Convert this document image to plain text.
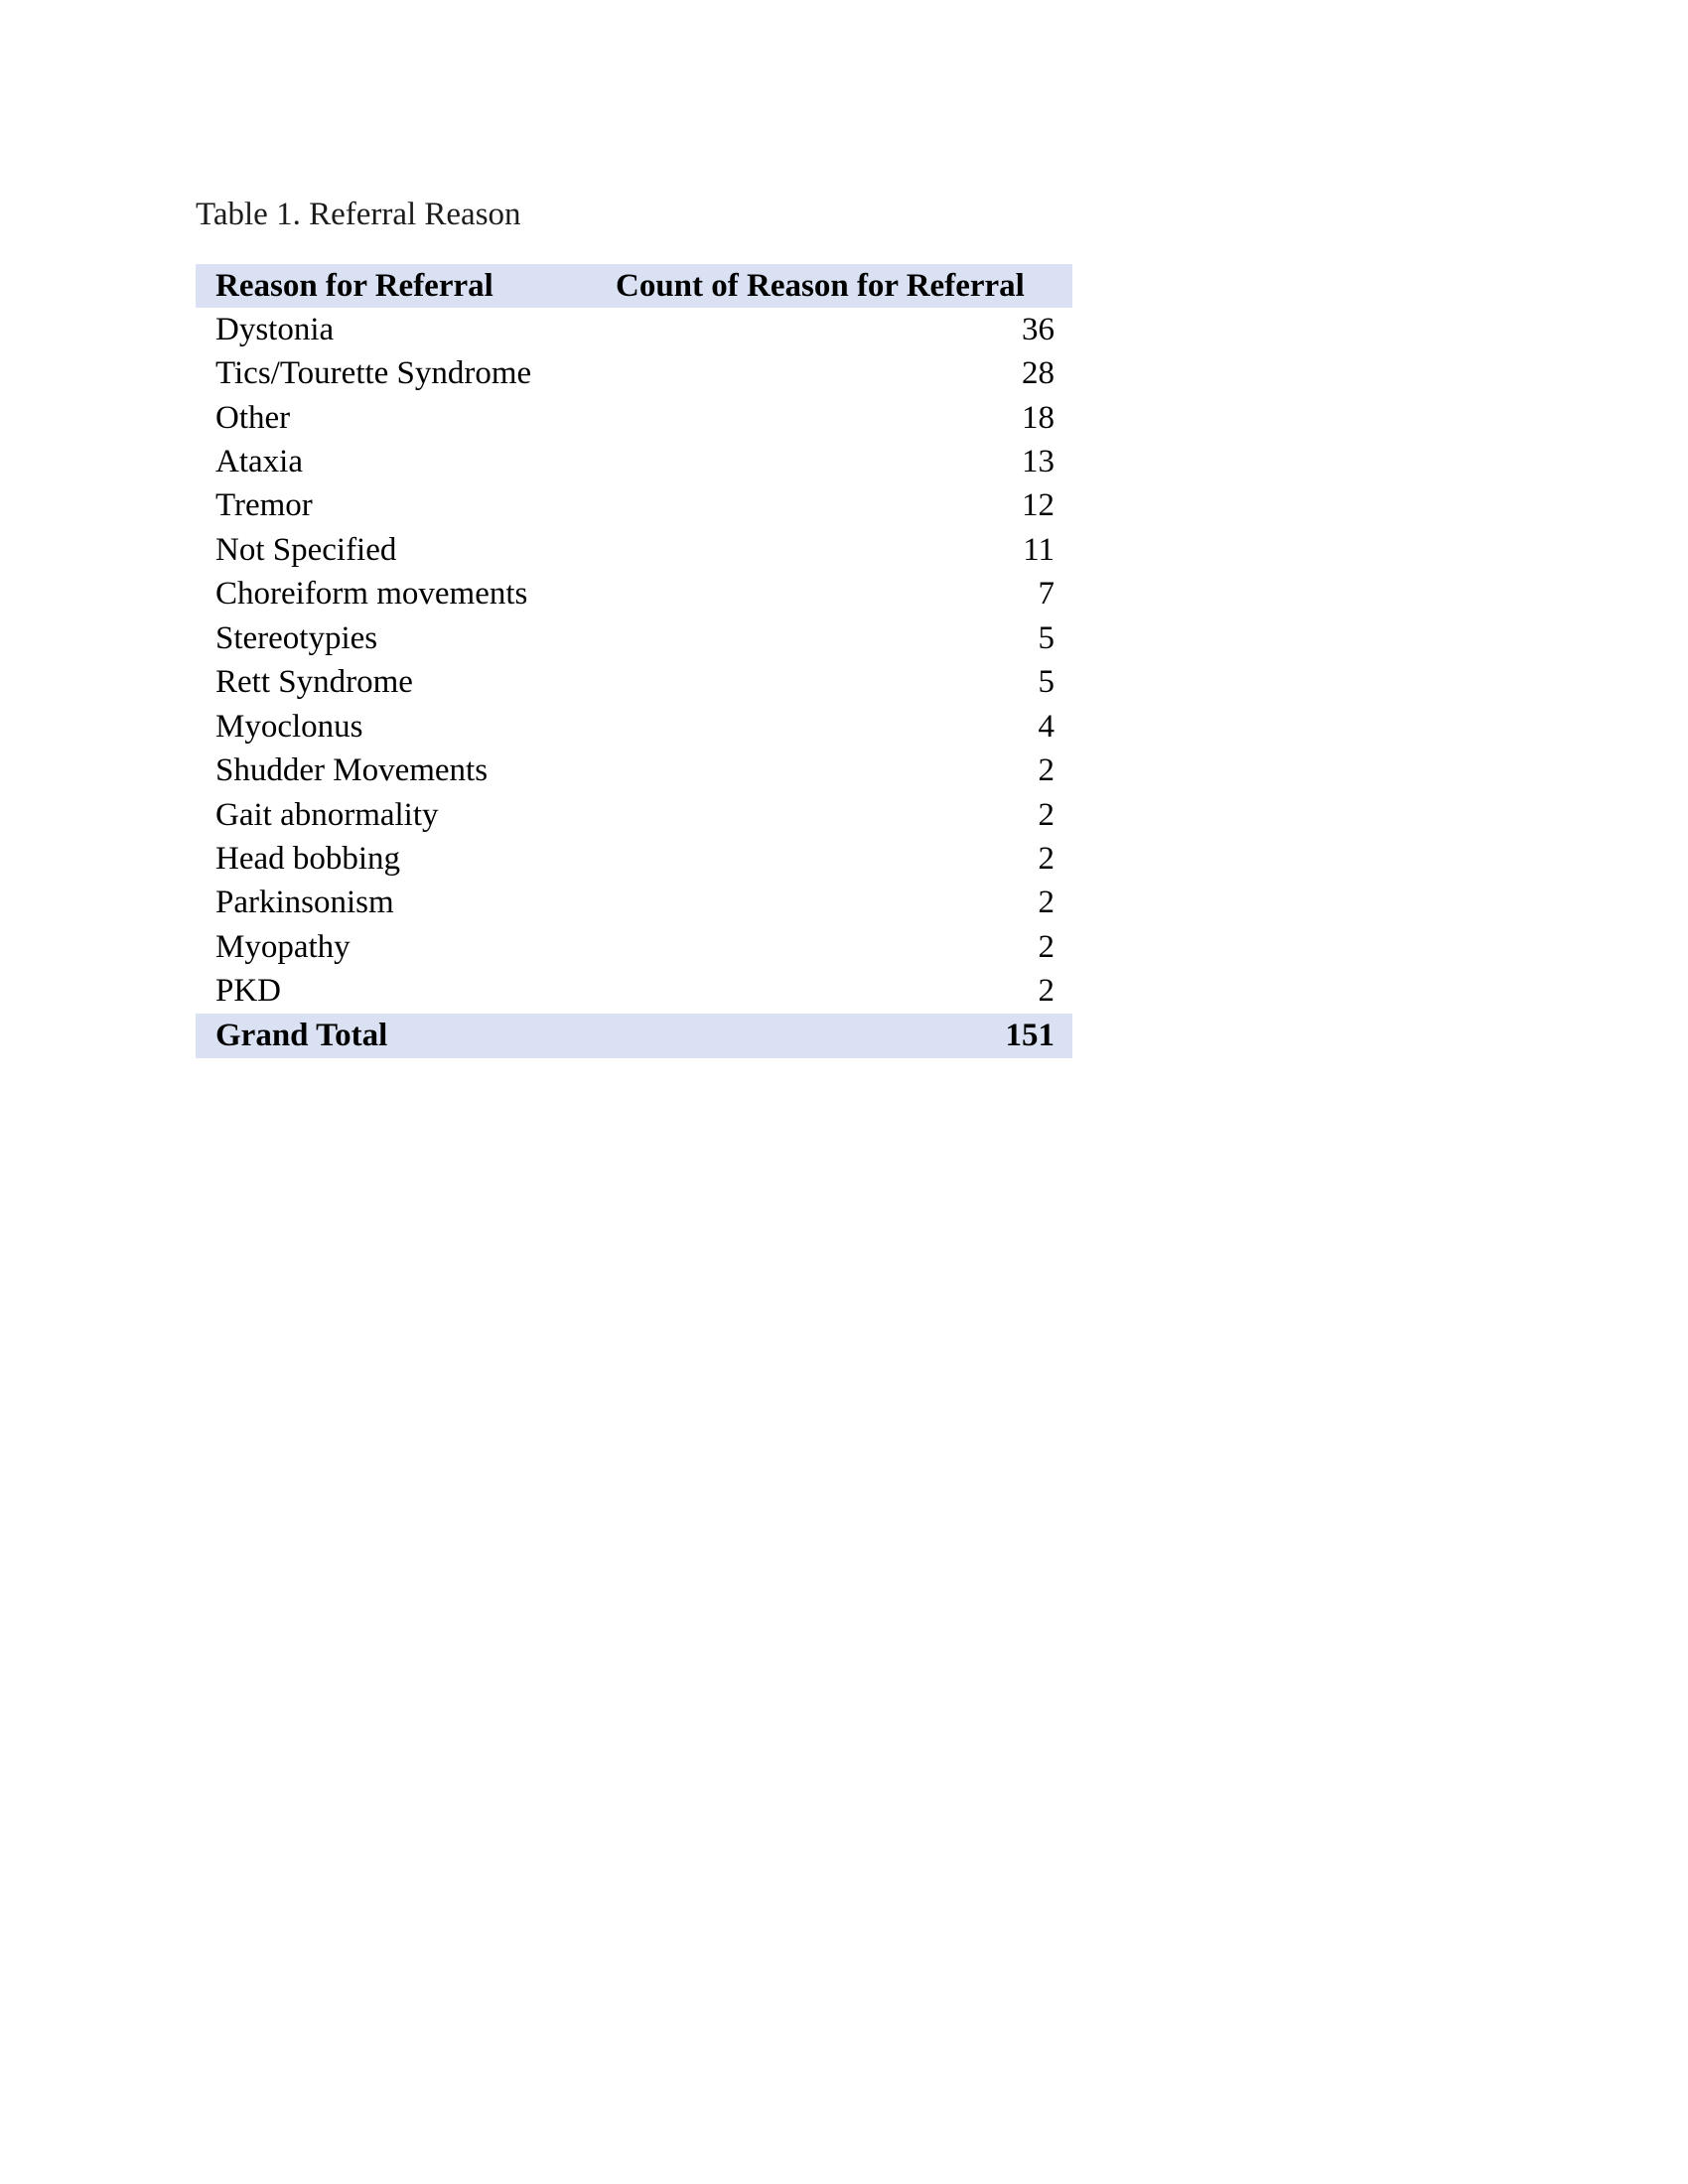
Table 1. Referral Reason
Reason for Referral	Count of Reason for Referral
Dystonia	36
Tics/Tourette Syndrome	28
Other	18
Ataxia	13
Tremor	12
Not Specified	11
Choreiform movements	7
Stereotypies	5
Rett Syndrome	5
Myoclonus	4
Shudder Movements	2
Gait abnormality	2
Head bobbing	2
Parkinsonism	2
Myopathy	2
PKD	2
Grand Total	151
